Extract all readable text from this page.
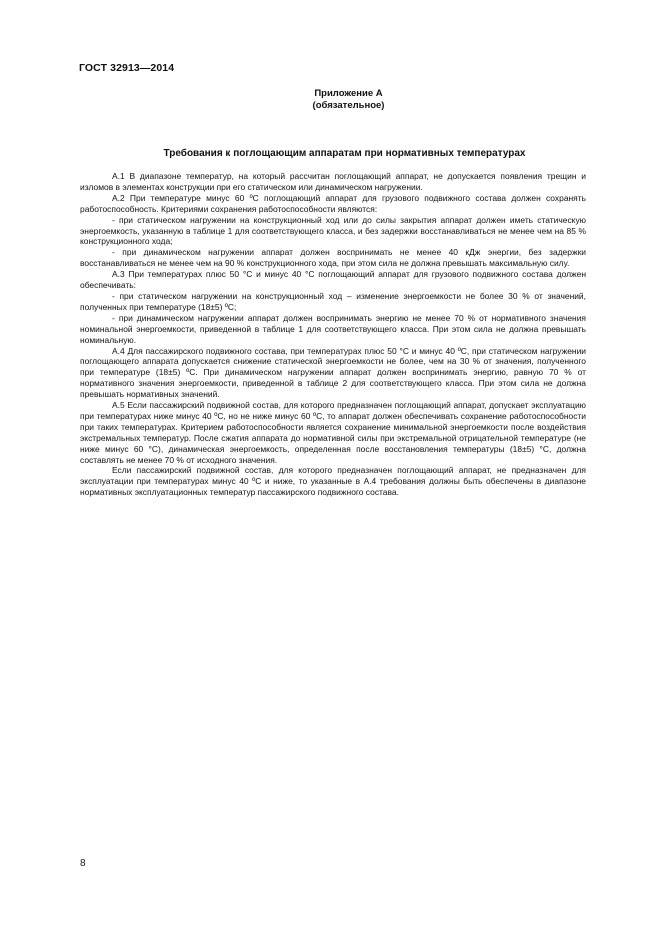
ГОСТ 32913—2014
Приложение А
(обязательное)
Требования к поглощающим аппаратам при нормативных температурах

А.1 В диапазоне температур, на который рассчитан поглощающий аппарат, не допускается появления трещин и изломов в элементах конструкции при его статическом или динамическом нагружении.

А.2 При температуре минус 60 ºС поглощающий аппарат для грузового подвижного состава должен сохранять работоспособность. Критериями сохранения работоспособности являются:

- при статическом нагружении на конструкционный ход или до силы закрытия аппарат должен иметь статическую энергоемкость, указанную в таблице 1 для соответствующего класса, и без задержки восстанавливаться не менее чем на 85 % конструкционного хода;

- при динамическом нагружении аппарат должен воспринимать не менее 40 кДж энергии, без задержки восстанавливаться не менее чем на 90 % конструкционного хода, при этом сила не должна превышать максимальную силу.

А.3 При температурах плюс 50 °С и минус 40 °С поглощающий аппарат для грузового подвижного состава должен обеспечивать:

- при статическом нагружении на конструкционный ход – изменение энергоемкости не более 30 % от значений, полученных при температуре (18±5) ºС;

- при динамическом нагружении аппарат должен воспринимать энергию не менее 70 % от нормативного значения номинальной энергоемкости, приведенной в таблице 1 для соответствующего класса. При этом сила не должна превышать номинальную.

А.4 Для пассажирского подвижного состава, при температурах плюс 50 °С и минус 40 ºС, при статическом нагружении поглощающего аппарата допускается снижение статической энергоемкости не более, чем на 30 % от значения, полученного при температуре (18±5) ºС. При динамическом нагружении аппарат должен воспринимать энергию, равную 70 % от нормативного значения энергоемкости, приведенной в таблице 2 для соответствующего класса. При этом сила не должна превышать нормативных значений.

А.5 Если пассажирский подвижной состав, для которого предназначен поглощающий аппарат, допускает эксплуатацию при температурах ниже минус 40 ºС, но не ниже минус 60 ºС, то аппарат должен обеспечивать сохранение работоспособности при таких температурах. Критерием работоспособности является сохранение минимальной энергоемкости после воздействия экстремальных температур. После сжатия аппарата до нормативной силы при экстремальной отрицательной температуре (не ниже минус 60 °С), динамическая энергоемкость, определенная после восстановления температуры (18±5) °С, должна составлять не менее 70 % от исходного значения.

Если пассажирский подвижной состав, для которого предназначен поглощающий аппарат, не предназначен для эксплуатации при температурах минус 40 ºС и ниже, то указанные в А.4 требования должны быть обеспечены в диапазоне нормативных эксплуатационных температур пассажирского подвижного состава.

8
